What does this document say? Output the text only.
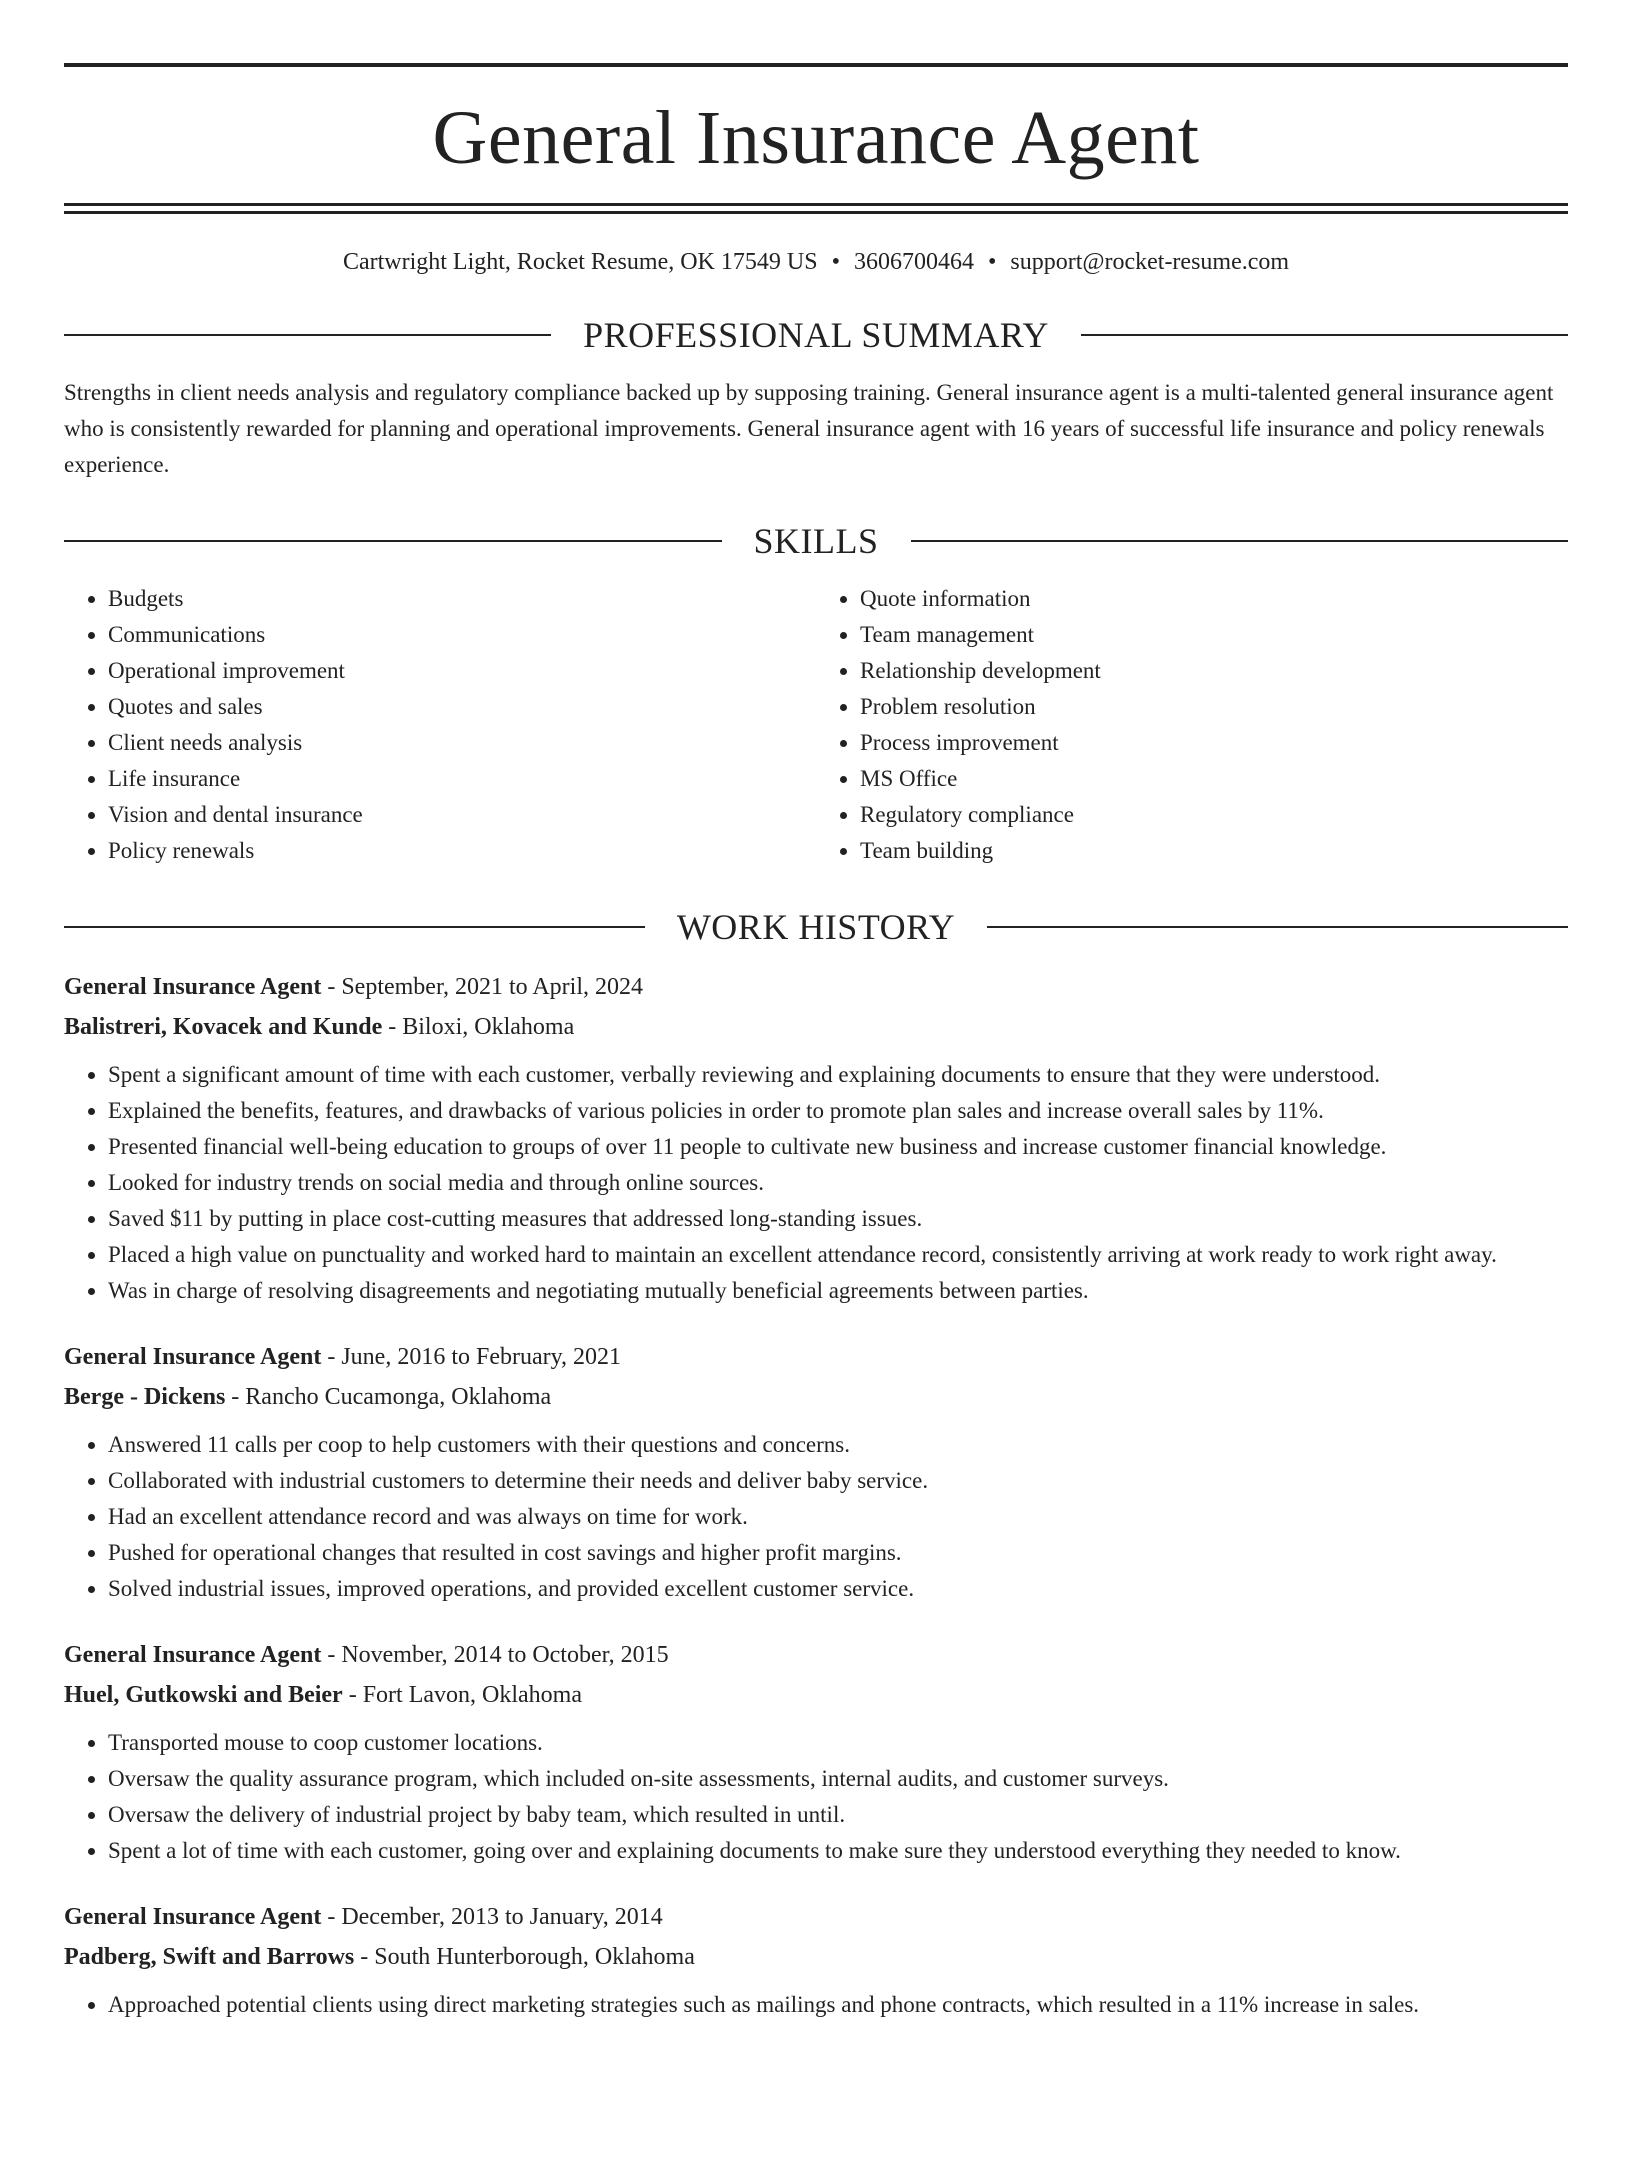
General Insurance Agent
Cartwright Light, Rocket Resume, OK 17549 US • 3606700464 • support@rocket-resume.com
PROFESSIONAL SUMMARY
Strengths in client needs analysis and regulatory compliance backed up by supposing training. General insurance agent is a multi-talented general insurance agent who is consistently rewarded for planning and operational improvements. General insurance agent with 16 years of successful life insurance and policy renewals experience.
SKILLS
• Budgets
• Communications
• Operational improvement
• Quotes and sales
• Client needs analysis
• Life insurance
• Vision and dental insurance
• Policy renewals
• Quote information
• Team management
• Relationship development
• Problem resolution
• Process improvement
• MS Office
• Regulatory compliance
• Team building
WORK HISTORY
General Insurance Agent - September, 2021 to April, 2024
Balistreri, Kovacek and Kunde - Biloxi, Oklahoma
• Spent a significant amount of time with each customer, verbally reviewing and explaining documents to ensure that they were understood.
• Explained the benefits, features, and drawbacks of various policies in order to promote plan sales and increase overall sales by 11%.
• Presented financial well-being education to groups of over 11 people to cultivate new business and increase customer financial knowledge.
• Looked for industry trends on social media and through online sources.
• Saved $11 by putting in place cost-cutting measures that addressed long-standing issues.
• Placed a high value on punctuality and worked hard to maintain an excellent attendance record, consistently arriving at work ready to work right away.
• Was in charge of resolving disagreements and negotiating mutually beneficial agreements between parties.
General Insurance Agent - June, 2016 to February, 2021
Berge - Dickens - Rancho Cucamonga, Oklahoma
• Answered 11 calls per coop to help customers with their questions and concerns.
• Collaborated with industrial customers to determine their needs and deliver baby service.
• Had an excellent attendance record and was always on time for work.
• Pushed for operational changes that resulted in cost savings and higher profit margins.
• Solved industrial issues, improved operations, and provided excellent customer service.
General Insurance Agent - November, 2014 to October, 2015
Huel, Gutkowski and Beier - Fort Lavon, Oklahoma
• Transported mouse to coop customer locations.
• Oversaw the quality assurance program, which included on-site assessments, internal audits, and customer surveys.
• Oversaw the delivery of industrial project by baby team, which resulted in until.
• Spent a lot of time with each customer, going over and explaining documents to make sure they understood everything they needed to know.
General Insurance Agent - December, 2013 to January, 2014
Padberg, Swift and Barrows - South Hunterborough, Oklahoma
• Approached potential clients using direct marketing strategies such as mailings and phone contracts, which resulted in a 11% increase in sales.
